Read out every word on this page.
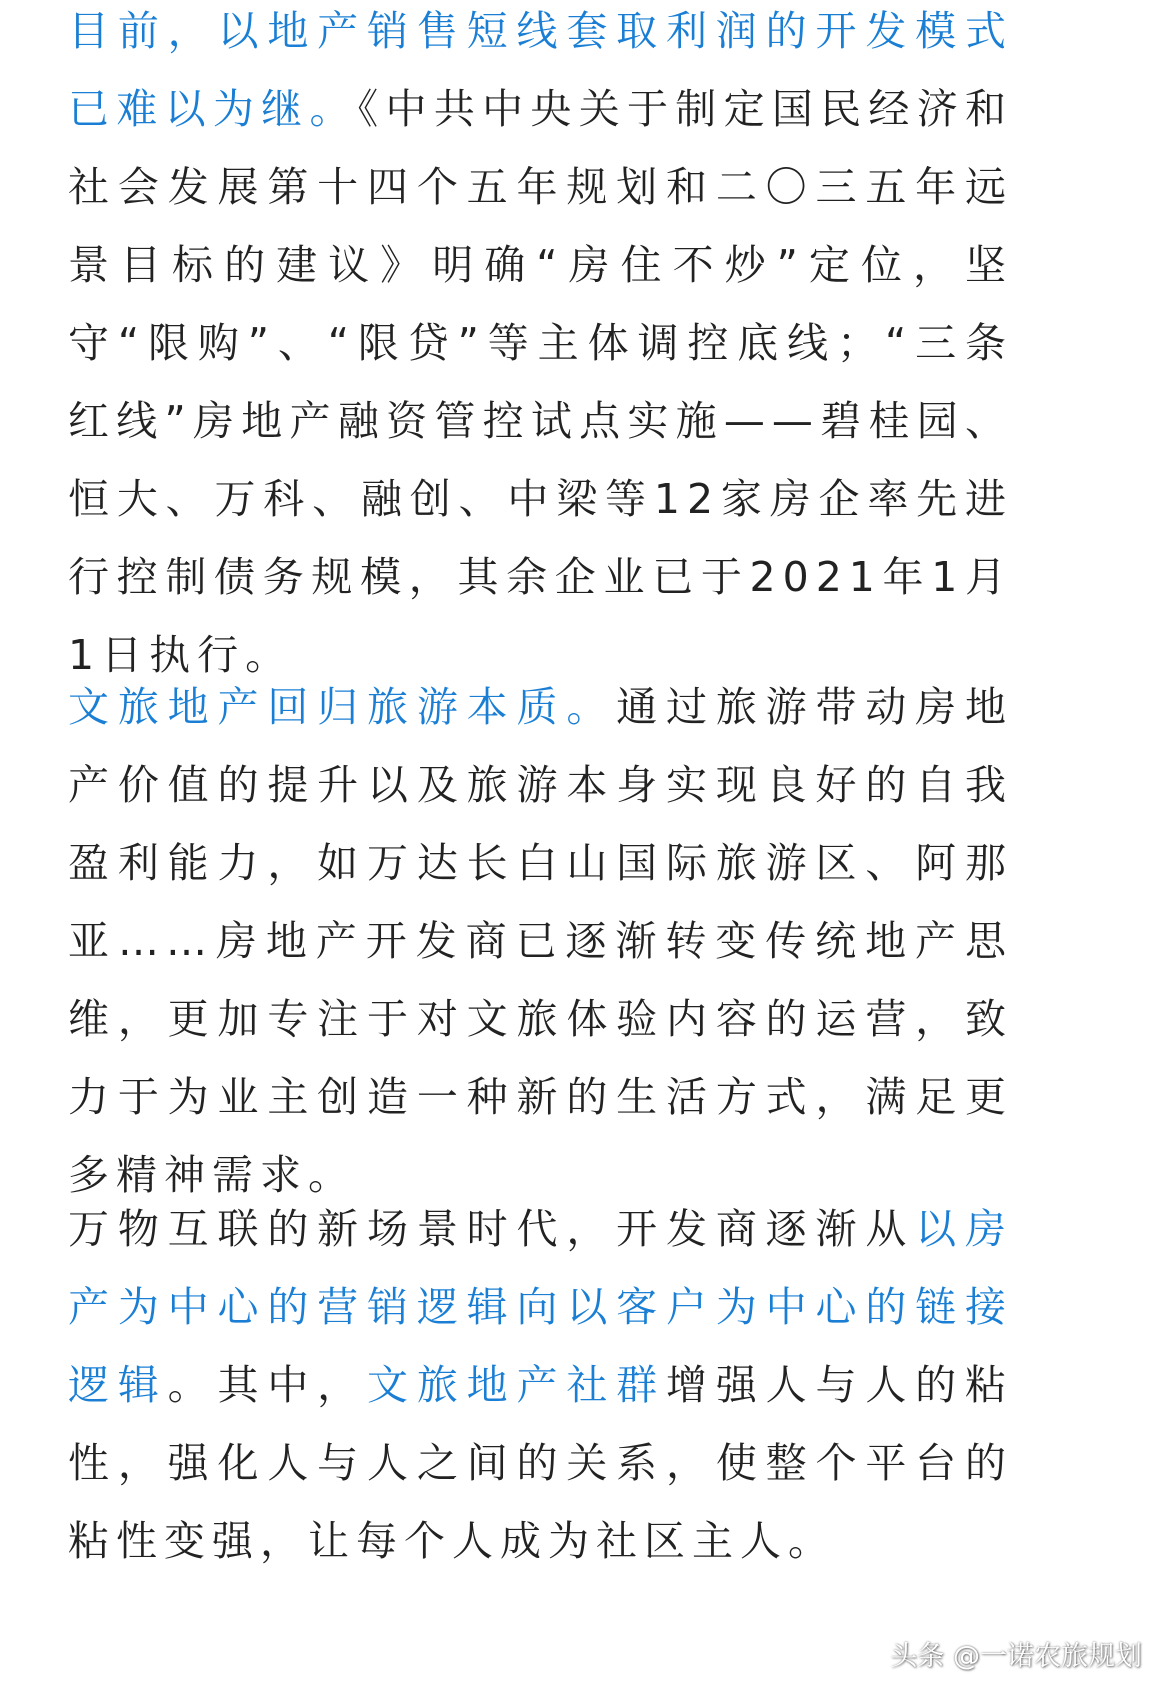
目前，以地产销售短线套取利润的开发模式已难以为继。《中共中央关于制定国民经济和社会发展第十四个五年规划和二〇三五年远景目标的建议》明确“房住不炒”定位，坚守“限购”、“限贷”等主体调控底线；“三条红线”房地产融资管控试点实施——碧桂园、恒大、万科、融创、中梁等12家房企率先进行控制债务规模，其余企业已于2021年1月1日执行。

文旅地产回归旅游本质。通过旅游带动房地产价值的提升以及旅游本身实现良好的自我盈利能力，如万达长白山国际旅游区、阿那亚……房地产开发商已逐渐转变传统地产思维，更加专注于对文旅体验内容的运营，致力于为业主创造一种新的生活方式，满足更多精神需求。

万物互联的新场景时代，开发商逐渐从以房产为中心的营销逻辑向以客户为中心的链接逻辑。其中，文旅地产社群增强人与人的粘性，强化人与人之间的关系，使整个平台的粘性变强，让每个人成为社区主人。

头条 @一诺农旅规划
